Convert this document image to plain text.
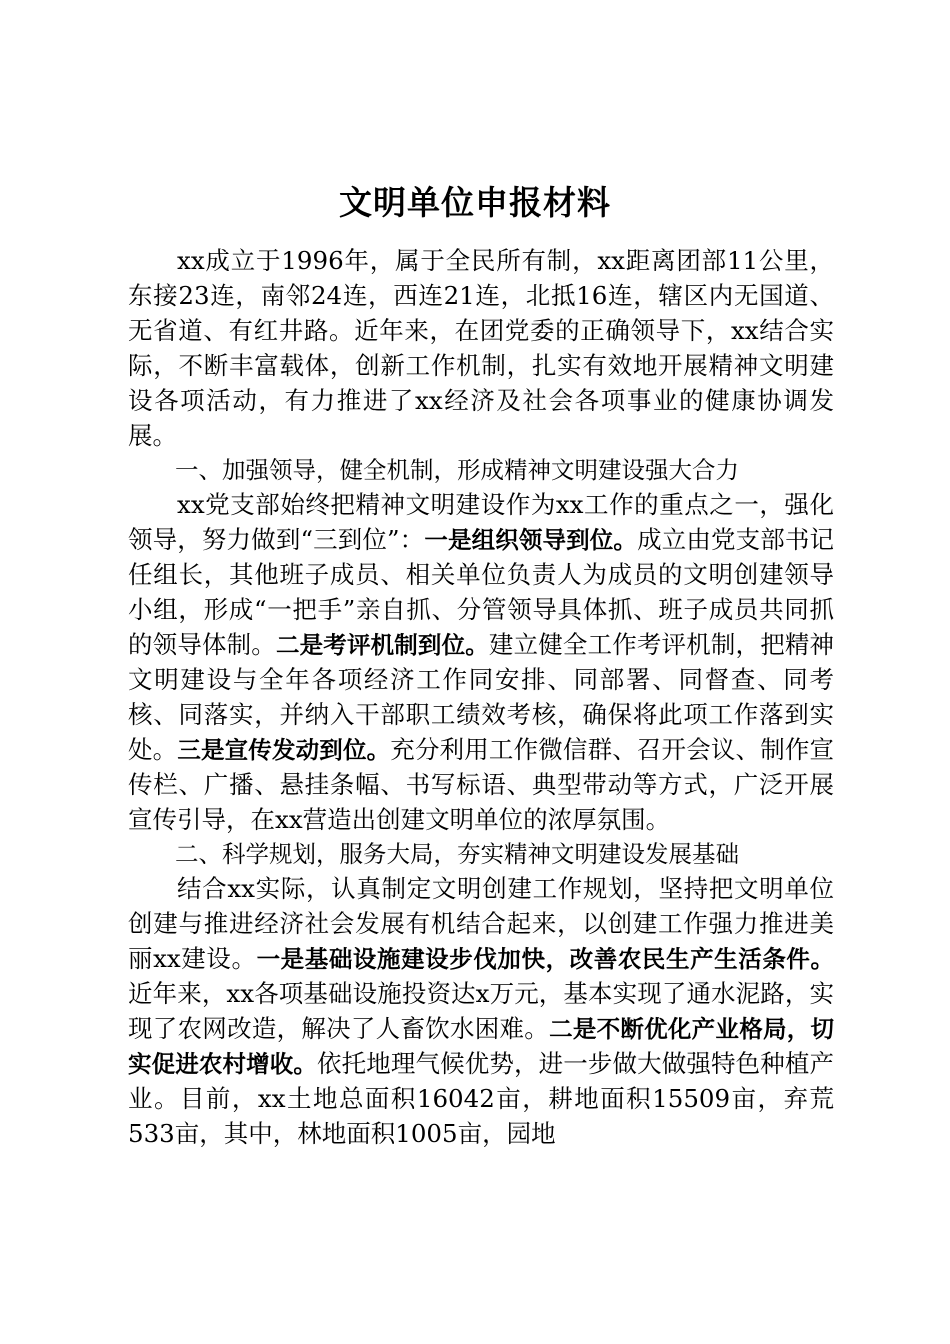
文明单位申报材料

xx成立于1996年，属于全民所有制，xx距离团部11公里，东接23连，南邻24连，西连21连，北抵16连，辖区内无国道、无省道、有红井路。近年来，在团党委的正确领导下，xx结合实际，不断丰富载体，创新工作机制，扎实有效地开展精神文明建设各项活动，有力推进了xx经济及社会各项事业的健康协调发展。

一、加强领导，健全机制，形成精神文明建设强大合力

xx党支部始终把精神文明建设作为xx工作的重点之一，强化领导，努力做到“三到位”：一是组织领导到位。成立由党支部书记任组长，其他班子成员、相关单位负责人为成员的文明创建领导小组，形成“一把手”亲自抓、分管领导具体抓、班子成员共同抓的领导体制。二是考评机制到位。建立健全工作考评机制，把精神文明建设与全年各项经济工作同安排、同部署、同督查、同考核、同落实，并纳入干部职工绩效考核，确保将此项工作落到实处。三是宣传发动到位。充分利用工作微信群、召开会议、制作宣传栏、广播、悬挂条幅、书写标语、典型带动等方式，广泛开展宣传引导，在xx营造出创建文明单位的浓厚氛围。

二、科学规划，服务大局，夯实精神文明建设发展基础

结合xx实际，认真制定文明创建工作规划，坚持把文明单位创建与推进经济社会发展有机结合起来，以创建工作强力推进美丽xx建设。一是基础设施建设步伐加快，改善农民生产生活条件。近年来，xx各项基础设施投资达x万元，基本实现了通水泥路，实现了农网改造，解决了人畜饮水困难。二是不断优化产业格局，切实促进农村增收。依托地理气候优势，进一步做大做强特色种植产业。目前，xx土地总面积16042亩，耕地面积15509亩，弃荒533亩，其中，林地面积1005亩，园地
